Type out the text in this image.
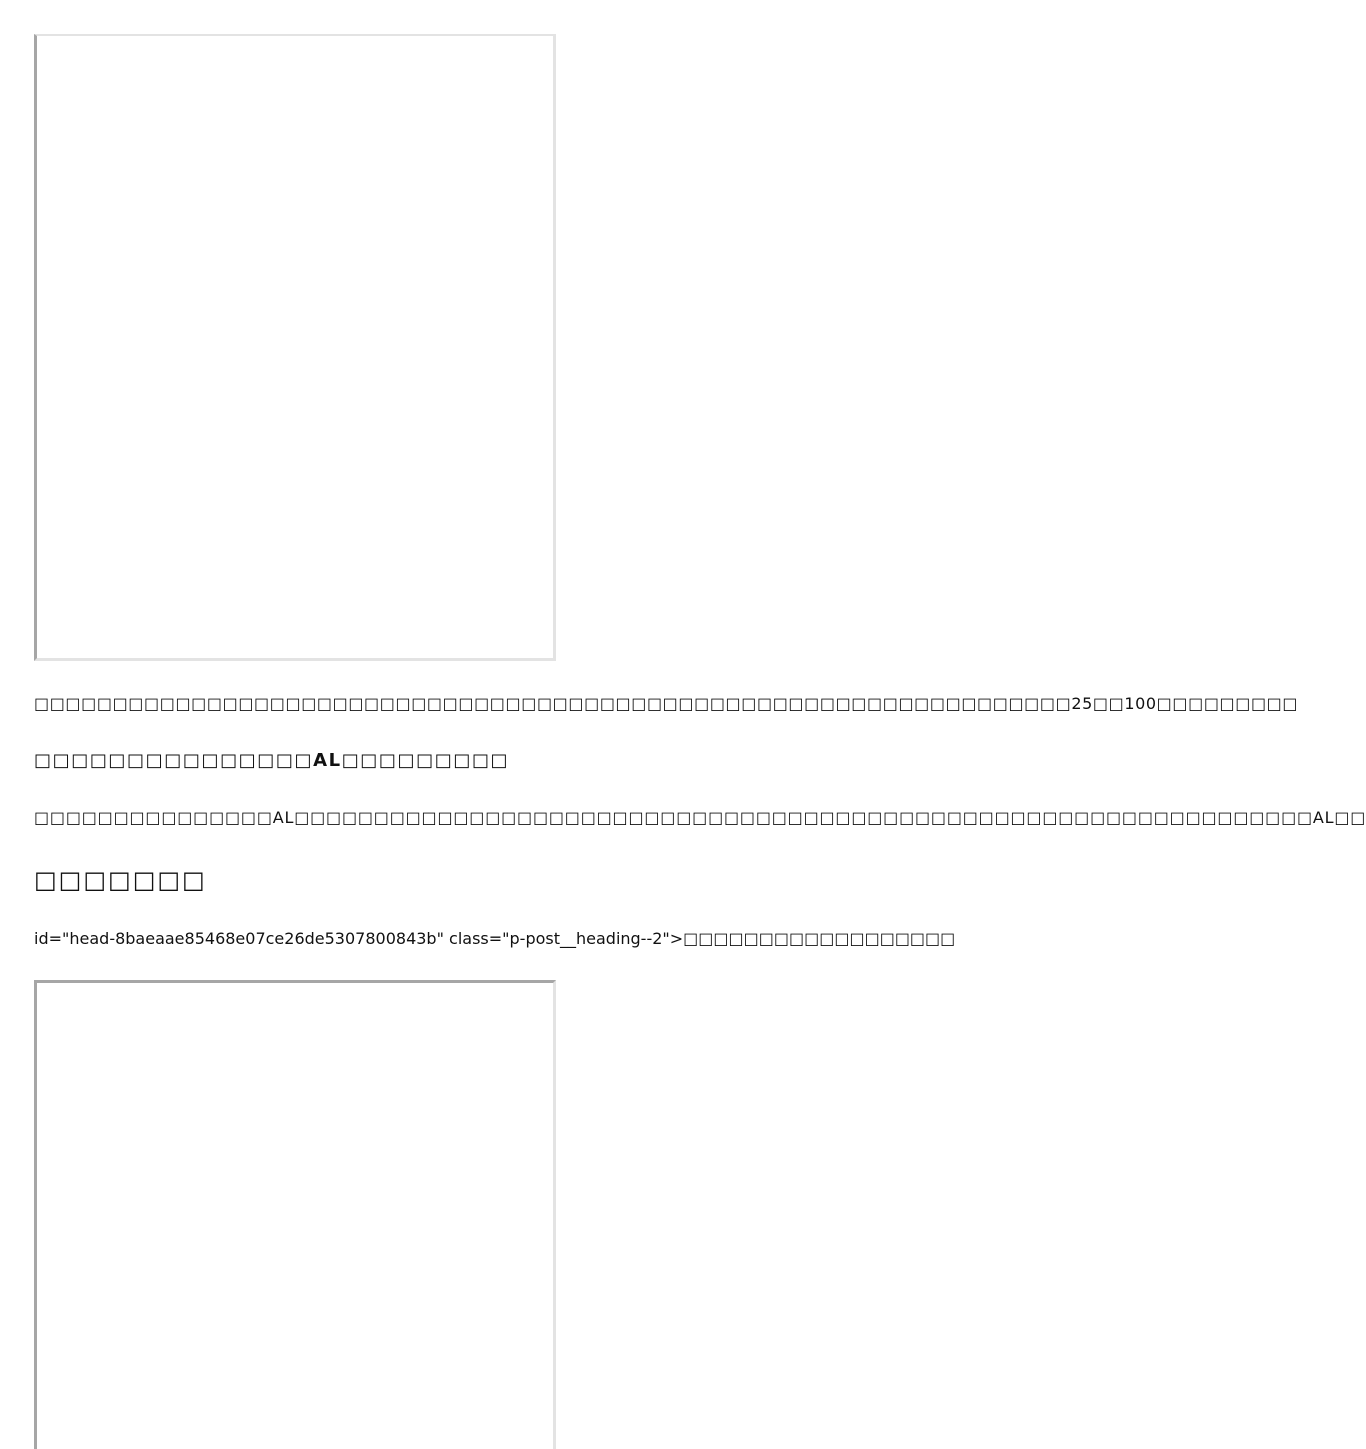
□□□□□□□□□□□□□□□□□□□□□□□□□□□□□□□□□□□□□□□□□□□□□□□□□□□□□□□□□□□□□□□□□□25□□100□□□□□□□□□
□□□□□□□□□□□□□□□AL□□□□□□□□□
□□□□□□□□□□□□□□□AL□□□□□□□□□□□□□□□□□□□□□□□□□□□□□□□□□□□□□□□□□□□□□□□□□□□□□□□□□□□□□□□□AL□□
□□□□□□□
id="head-8baeaae85468e07ce26de5307800843b" class="p-post__heading--2">□□□□□□□□□□□□□□□□□□
